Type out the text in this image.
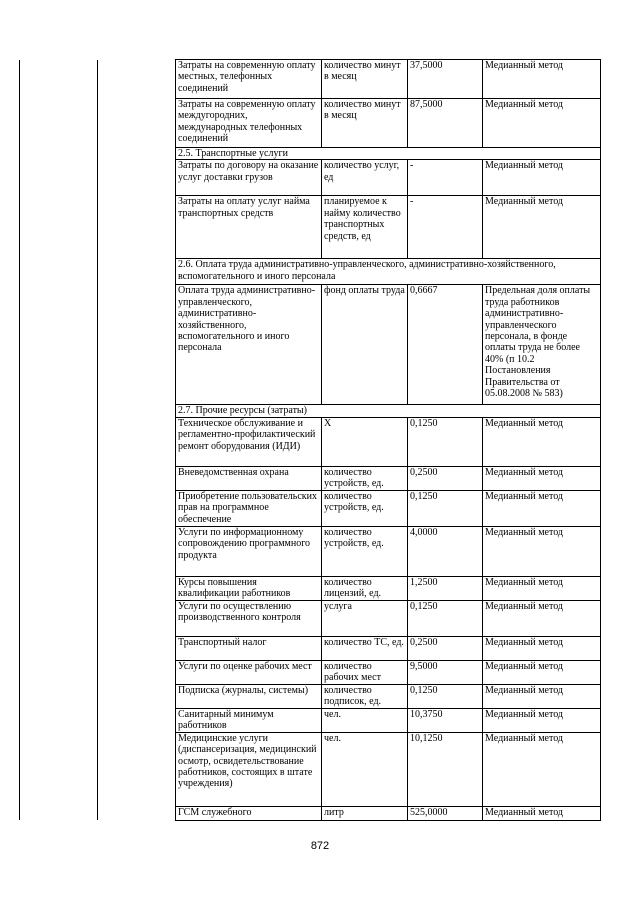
		Затраты на современную оплату местных, телефонных соединений	количество минут в месяц	37,5000	Медианный метод
		Затраты на современную оплату междугородних, международных телефонных соединений	количество минут в месяц	87,5000	Медианный метод
		2.5. Транспортные услуги			
		Затраты по договору на оказание услуг доставки грузов	количество услуг, ед	-	Медианный метод
		Затраты на оплату услуг найма транспортных средств	планируемое к найму количество транспортных средств, ед	-	Медианный метод
		2.6. Оплата труда административно-управленческого, административно-хозяйственного, вспомогательного и иного персонала			
		Оплата труда административно-управленческого, административно-хозяйственного, вспомогательного и иного персонала	фонд оплаты труда	0,6667	Предельная доля оплаты труда работников административно-управленческого персонала, в фонде оплаты труда не более 40% (п 10.2 Постановления Правительства от 05.08.2008 № 583)
		2.7. Прочие ресурсы (затраты)			
		Техническое обслуживание и регламентно-профилактический ремонт оборудования (ИДИ)	X	0,1250	Медианный метод
		Вневедомственная охрана	количество устройств, ед.	0,2500	Медианный метод
		Приобретение пользовательских прав на программное обеспечение	количество устройств, ед.	0,1250	Медианный метод
		Услуги по информационному сопровождению программного продукта	количество устройств, ед.	4,0000	Медианный метод
		Курсы повышения квалификации работников	количество лицензий, ед.	1,2500	Медианный метод
		Услуги по осуществлению производственного контроля	услуга	0,1250	Медианный метод
		Транспортный налог	количество ТС, ед.	0,2500	Медианный метод
		Услуги по оценке рабочих мест	количество рабочих мест	9,5000	Медианный метод
		Подписка (журналы, системы)	количество подписок, ед.	0,1250	Медианный метод
		Санитарный минимум работников	чел.	10,3750	Медианный метод
		Медицинские услуги (диспансеризация, медицинский осмотр, освидетельствование работников, состоящих в штате учреждения)	чел.	10,1250	Медианный метод
		ГСМ служебного	литр	525,0000	Медианный метод
872
